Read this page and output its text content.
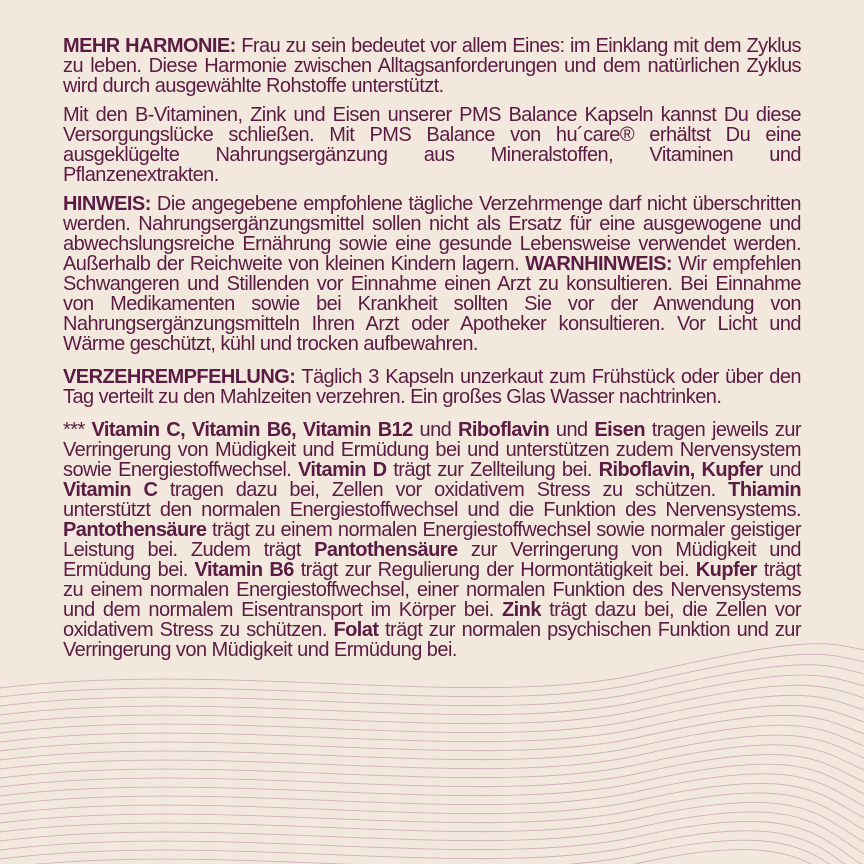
MEHR HARMONIE: Frau zu sein bedeutet vor allem Eines: im Einklang mit dem Zyklus zu leben. Diese Harmonie zwischen Alltagsanforderungen und dem natürlichen Zyklus wird durch ausgewählte Rohstoffe unterstützt.

Mit den B-Vitaminen, Zink und Eisen unserer PMS Balance Kapseln kannst Du diese Versorgungslücke schließen. Mit PMS Balance von hu´care® erhältst Du eine ausgeklügelte Nahrungsergänzung aus Mineralstoffen, Vitaminen und Pflanzenextrakten.

HINWEIS: Die angegebene empfohlene tägliche Verzehrmenge darf nicht überschritten werden. Nahrungsergänzungsmittel sollen nicht als Ersatz für eine ausgewogene und abwechslungsreiche Ernährung sowie eine gesunde Lebensweise verwendet werden. Außerhalb der Reichweite von kleinen Kindern lagern. WARNHINWEIS: Wir empfehlen Schwangeren und Stillenden vor Einnahme einen Arzt zu konsultieren. Bei Einnahme von Medikamenten sowie bei Krankheit sollten Sie vor der Anwendung von Nahrungsergänzungsmitteln Ihren Arzt oder Apotheker konsultieren. Vor Licht und Wärme geschützt, kühl und trocken aufbewahren.

VERZEHREMPFEHLUNG: Täglich 3 Kapseln unzerkaut zum Frühstück oder über den Tag verteilt zu den Mahlzeiten verzehren. Ein großes Glas Wasser nachtrinken.

*** Vitamin C, Vitamin B6, Vitamin B12 und Riboflavin und Eisen tragen jeweils zur Verringerung von Müdigkeit und Ermüdung bei und unterstützen zudem Nervensystem sowie Energiestoffwechsel. Vitamin D trägt zur Zellteilung bei. Riboflavin, Kupfer und Vitamin C tragen dazu bei, Zellen vor oxidativem Stress zu schützen. Thiamin unterstützt den normalen Energiestoffwechsel und die Funktion des Nervensystems. Pantothensäure trägt zu einem normalen Energiestoffwechsel sowie normaler geistiger Leistung bei. Zudem trägt Pantothensäure zur Verringerung von Müdigkeit und Ermüdung bei. Vitamin B6 trägt zur Regulierung der Hormontätigkeit bei. Kupfer trägt zu einem normalen Energiestoffwechsel, einer normalen Funktion des Nervensystems und dem normalem Eisentransport im Körper bei. Zink trägt dazu bei, die Zellen vor oxidativem Stress zu schützen. Folat trägt zur normalen psychischen Funktion und zur Verringerung von Müdigkeit und Ermüdung bei.
